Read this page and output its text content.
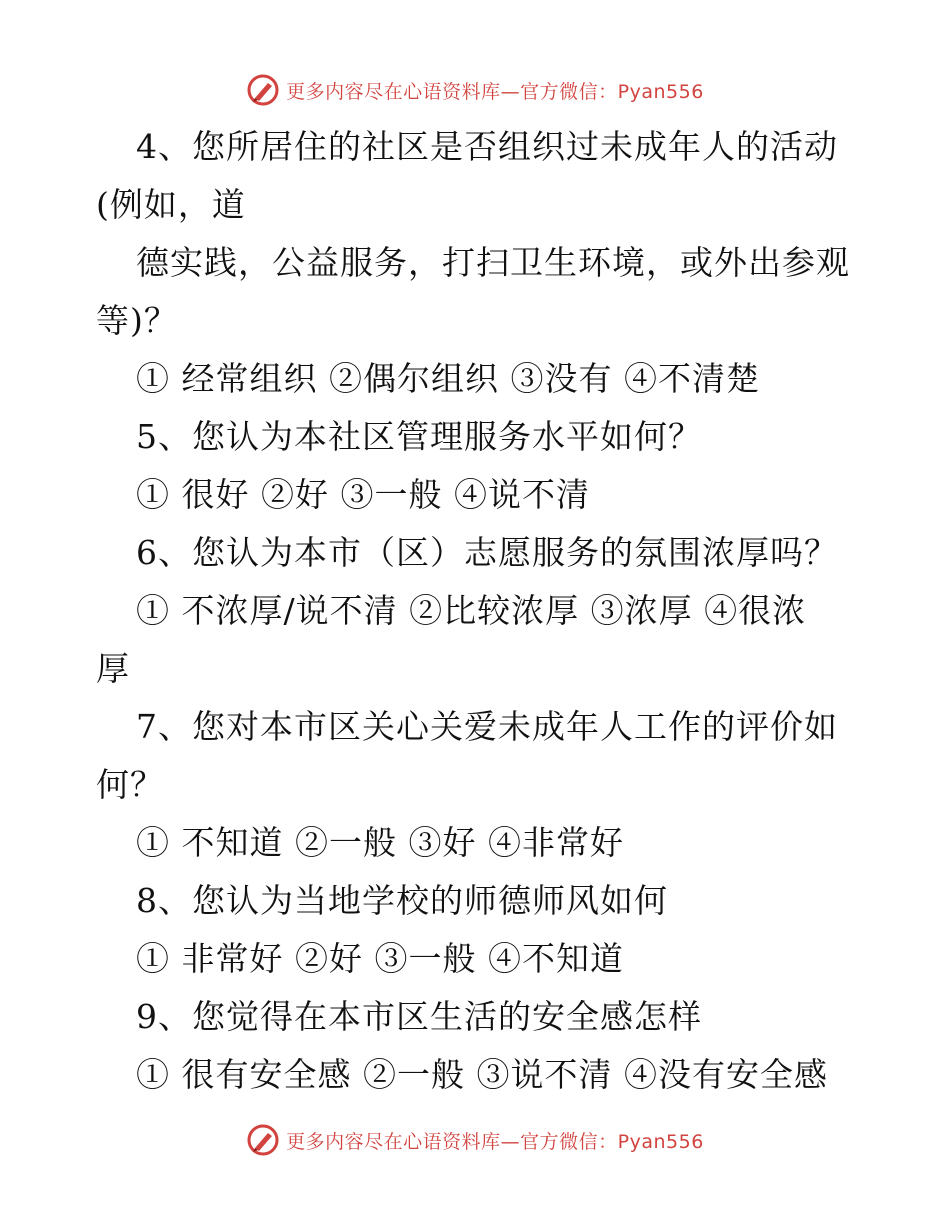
更多内容尽在心语资料库—官方微信：Pyan556
4、您所居住的社区是否组织过未成年人的活动
(例如，道
德实践，公益服务，打扫卫生环境，或外出参观
等)？
① 经常组织 ②偶尔组织 ③没有 ④不清楚
5、您认为本社区管理服务水平如何？
① 很好 ②好 ③一般 ④说不清
6、您认为本市（区）志愿服务的氛围浓厚吗？
① 不浓厚/说不清 ②比较浓厚 ③浓厚 ④很浓
厚
7、您对本市区关心关爱未成年人工作的评价如
何？
① 不知道 ②一般 ③好 ④非常好
8、您认为当地学校的师德师风如何
① 非常好 ②好 ③一般 ④不知道
9、您觉得在本市区生活的安全感怎样
① 很有安全感 ②一般 ③说不清 ④没有安全感
更多内容尽在心语资料库—官方微信：Pyan556
